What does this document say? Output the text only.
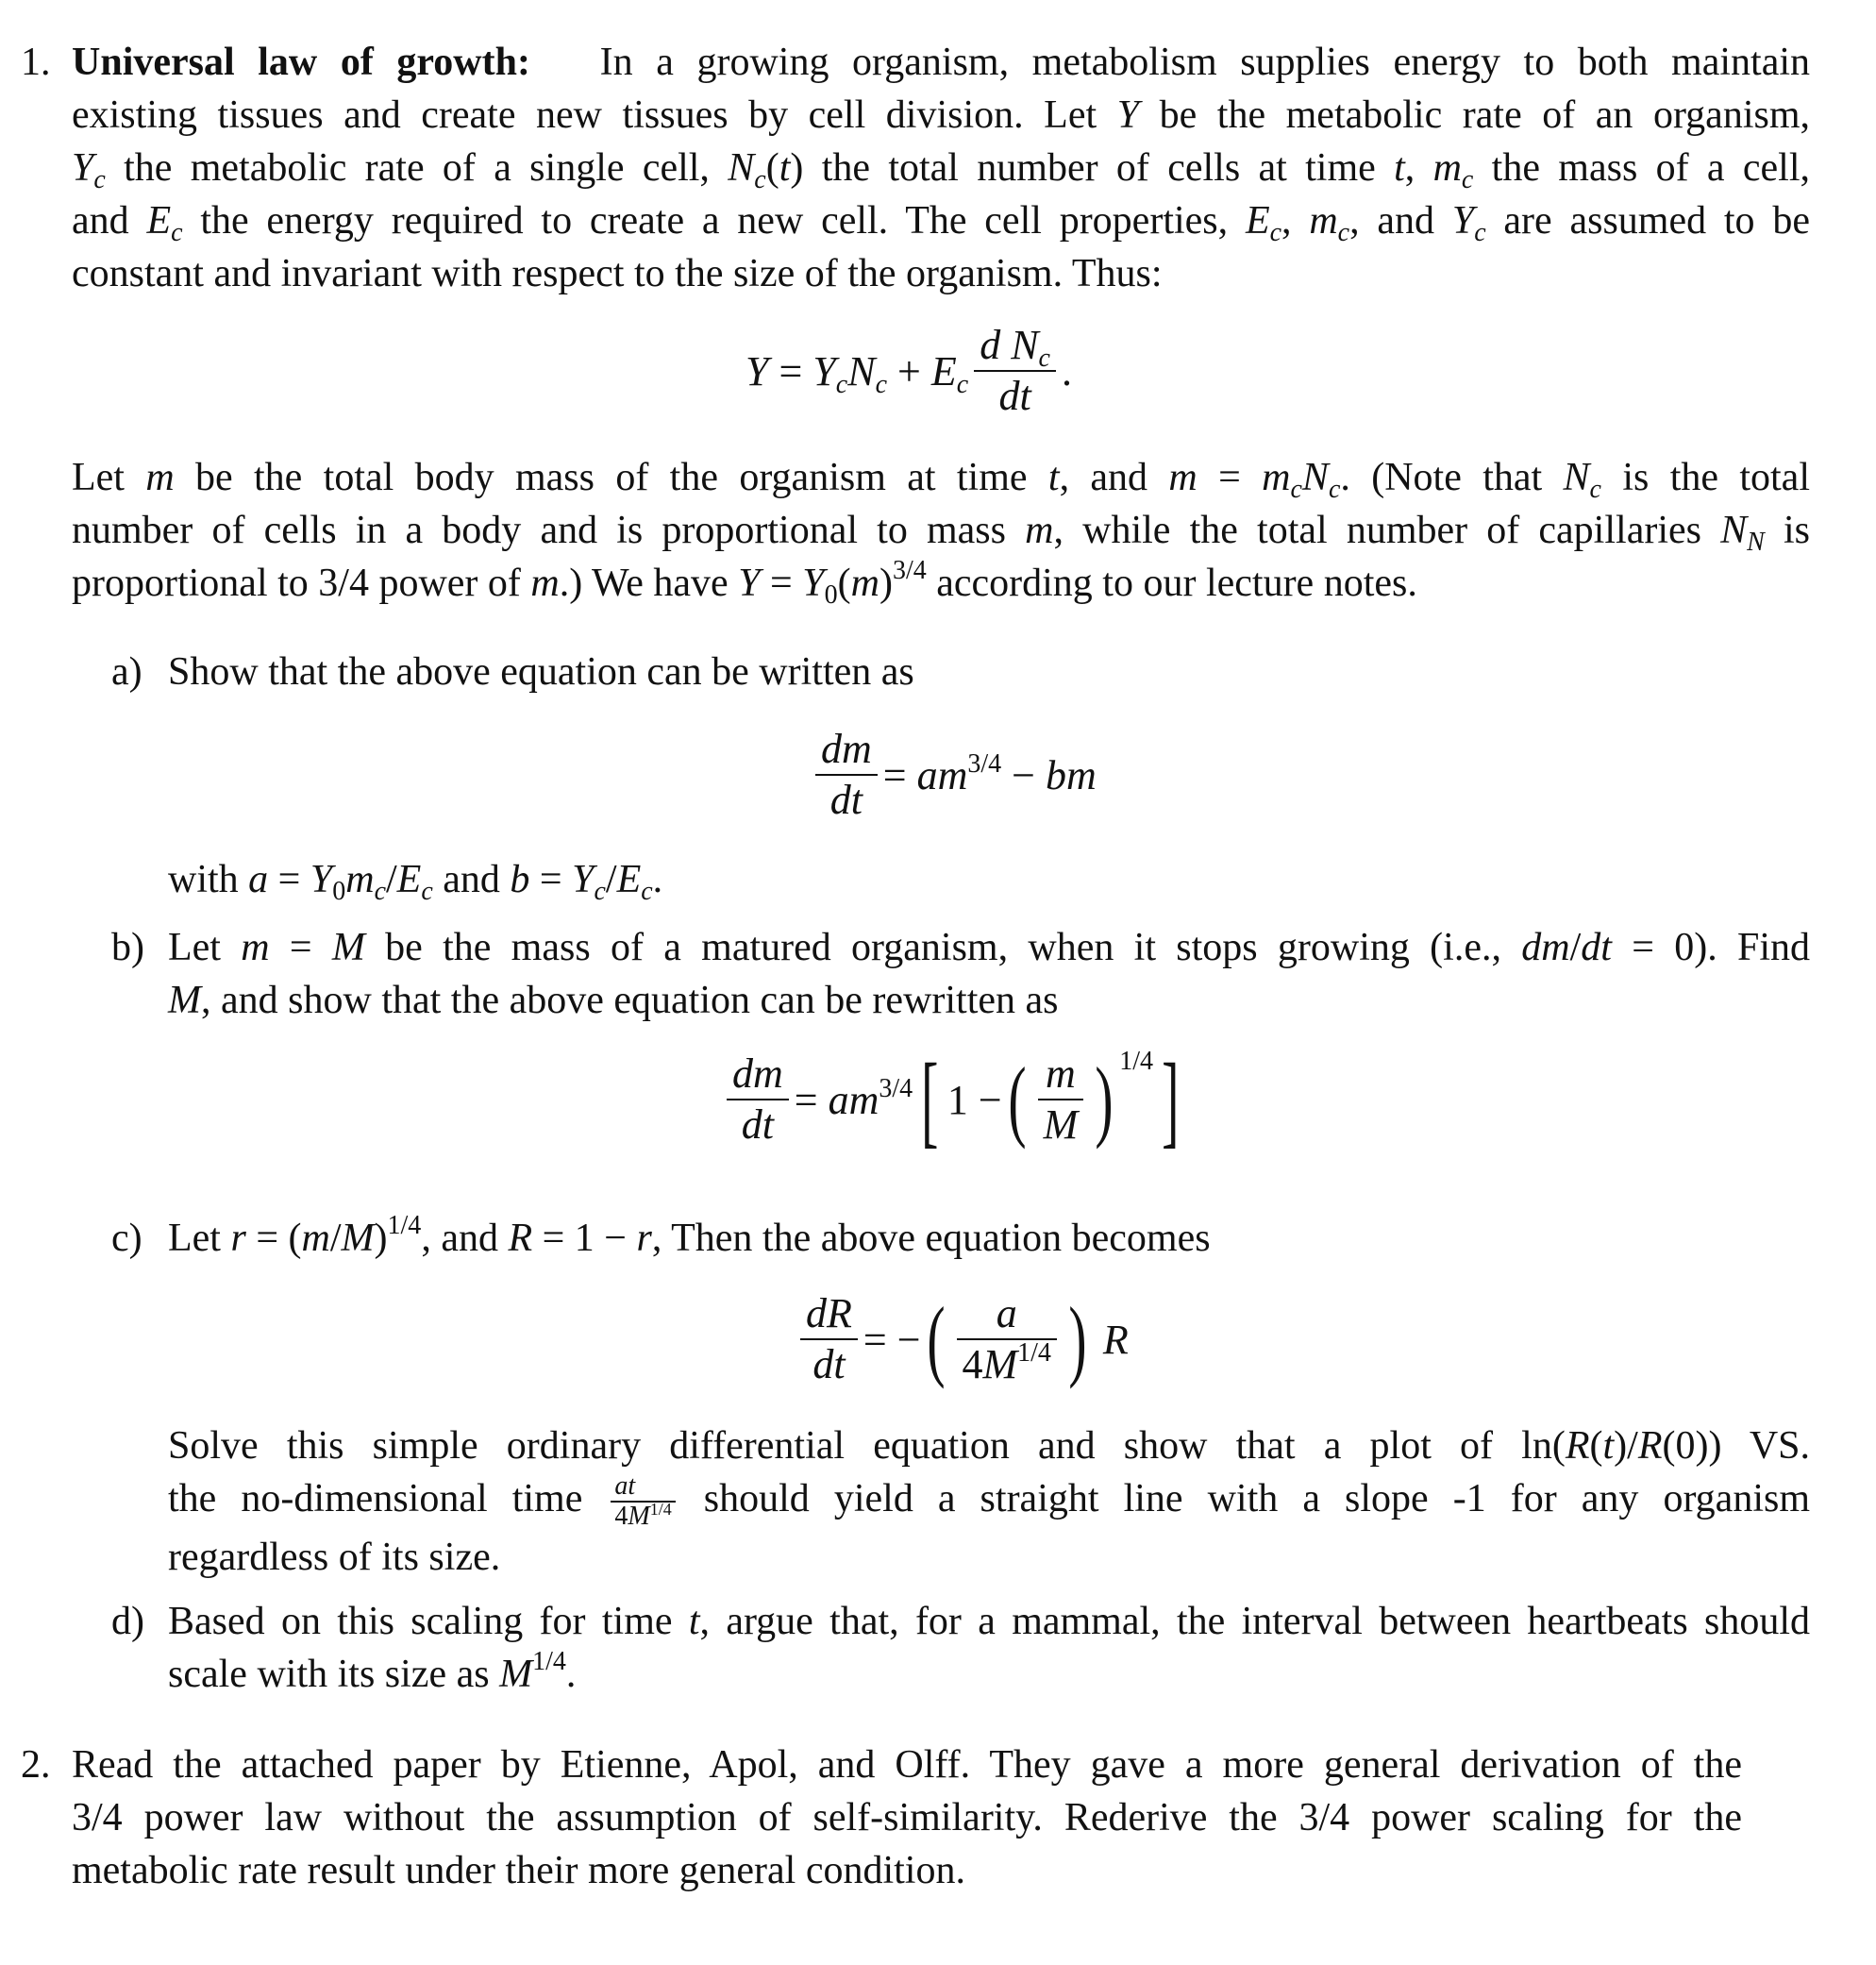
1. Universal law of growth:   In a growing organism, metabolism supplies energy to both maintain
existing tissues and create new tissues by cell division. Let Y be the metabolic rate of an organism,
$Y_c$ the metabolic rate of a single cell, $N_c(t)$ the total number of cells at time t, $m_c$ the mass of a cell,
and $E_c$ the energy required to create a new cell. The cell properties, $E_c$, $m_c$, and $Y_c$ are assumed to be
constant and invariant with respect to the size of the organism. Thus:
$Y = Y_cN_c + E_c \frac{d N_c}{dt}$ .
Let m be the total body mass of the organism at time t, and $m = m_cN_c$. (Note that $N_c$ is the total
number of cells in a body and is proportional to mass m, while the total number of capillaries $N_N$ is
proportional to 3/4 power of m.) We have $Y = Y_0(m)^{3/4}$ according to our lecture notes.
a) Show that the above equation can be written as
$\frac{dm}{dt} = am^{3/4}$ − bm
with $a = Y_0m_c/E_c$ and $b = Y_c/E_c$.
b) Let m = M be the mass of a matured organism, when it stops growing (i.e., dm/dt = 0). Find
M, and show that the above equation can be rewritten as
$\frac{dm}{dt} = am^{3/4}$[ 1 −( $\frac{m}{M}$ ) $^{1/4}$]
c) Let $r = (m/M)^{1/4}$, and R = 1 − r, Then the above equation becomes
$\frac{dR}{dt}$ = −( $\frac{a}{4M^{1/4}}$ ) R
Solve this simple ordinary differential equation and show that a plot of ln(R(t)/R(0)) VS.
the no-dimensional time $\frac{at}{4M^{1/4}}$ should yield a straight line with a slope -1 for any organism
regardless of its size.
d) Based on this scaling for time t, argue that, for a mammal, the interval between heartbeats should
scale with its size as $M^{1/4}$.
2. Read the attached paper by Etienne, Apol, and Olff. They gave a more general derivation of the
3/4 power law without the assumption of self-similarity. Rederive the 3/4 power scaling for the
metabolic rate result under their more general condition.
